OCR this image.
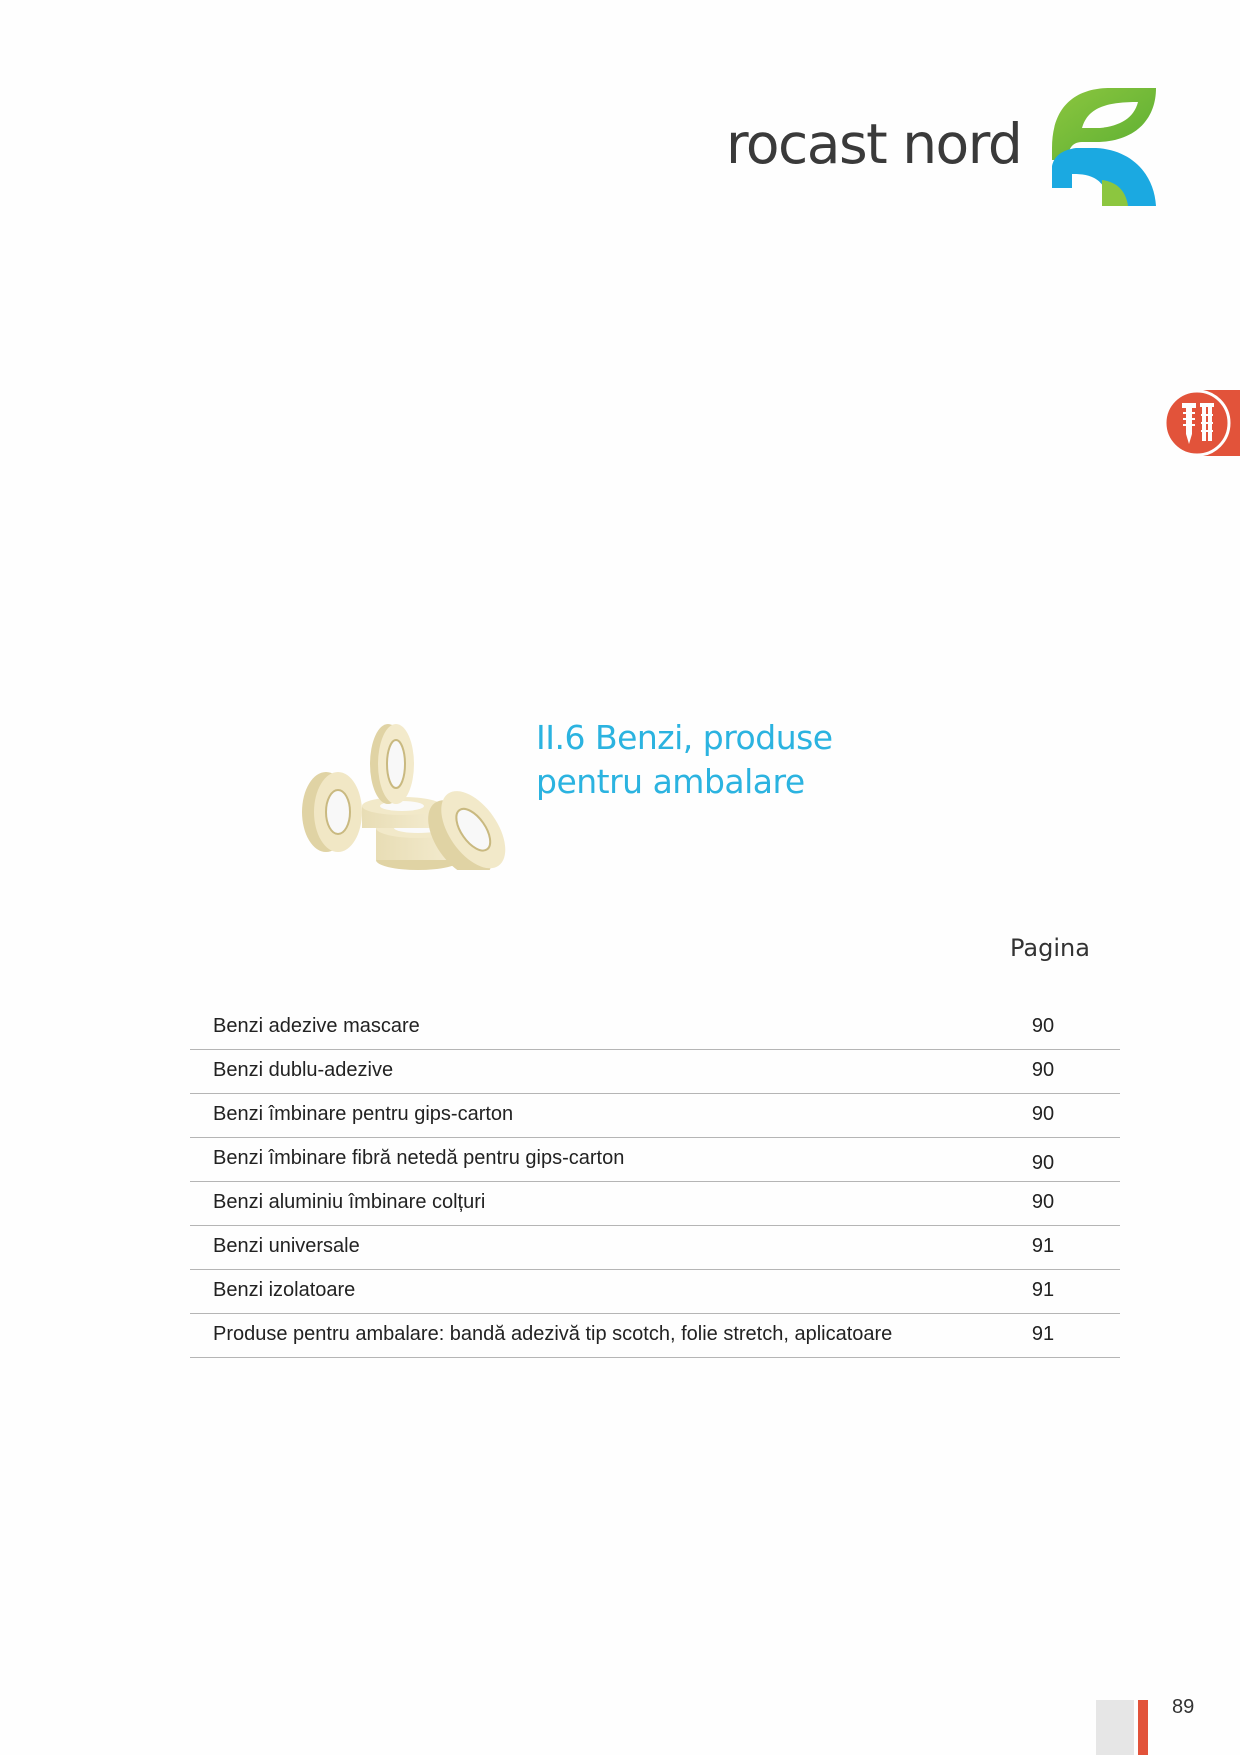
rocast nord
II.6 Benzi, produse
pentru ambalare
Pagina
Benzi adezive mascare	90
Benzi dublu-adezive	90
Benzi îmbinare pentru gips-carton	90
Benzi îmbinare fibră netedă pentru gips-carton	90
Benzi aluminiu îmbinare colțuri	90
Benzi universale	91
Benzi izolatoare	91
Produse pentru ambalare: bandă adezivă tip scotch, folie stretch, aplicatoare	91
89
